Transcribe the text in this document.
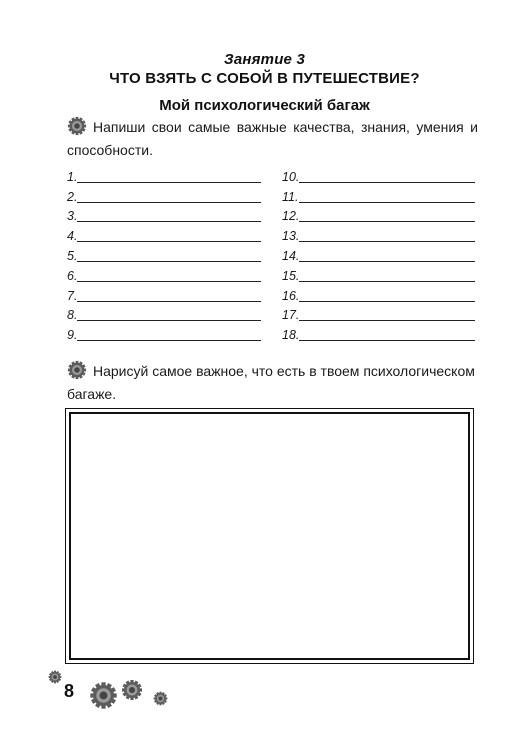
Занятие 3
ЧТО ВЗЯТЬ С СОБОЙ В ПУТЕШЕСТВИЕ?
Мой психологический багаж
Напиши свои самые важные качества, знания, умения и способности.
1.
2.
3.
4.
5.
6.
7.
8.
9.
10.
11.
12.
13.
14.
15.
16.
17.
18.
Нарисуй самое важное, что есть в твоем психологическом багаже.
8
